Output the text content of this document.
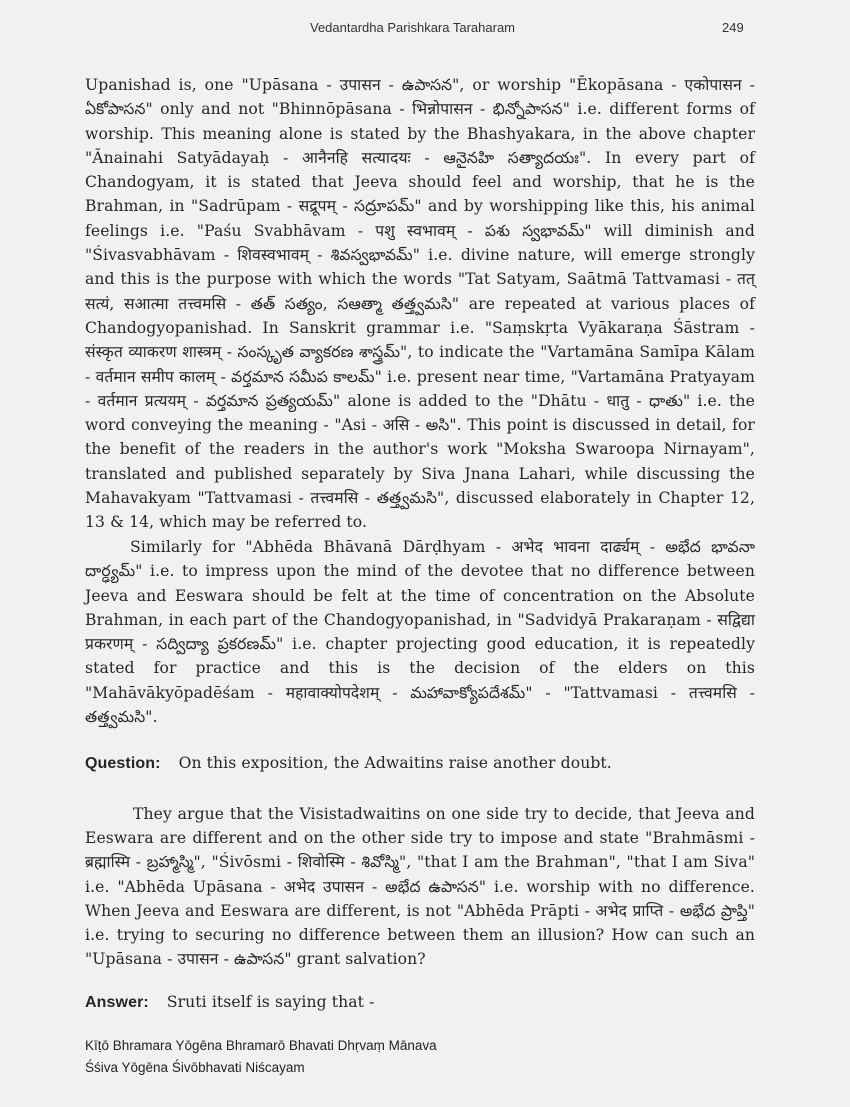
Vedantardha Parishkara Taraharam	249

Upanishad is, one "Upāsana - उपासन - ఉపాసన", or worship "Ēkopāsana - एकोपासन - ఏకోపాసన" only and not "Bhinnōpāsana - भिन्नोपासन - భిన్నోపాసన" i.e. different forms of worship. This meaning alone is stated by the Bhashyakara, in the above chapter "Ānainahi Satyādayaḥ - आनैनहि सत्यादयः - ఆనైనహి సత్యాదయః". In every part of Chandogyam, it is stated that Jeeva should feel and worship, that he is the Brahman, in "Sadrūpam - सद्रूपम् - సద్రూపమ్" and by worshipping like this, his animal feelings i.e. "Paśu Svabhāvam - पशु स्वभावम् - పశు స్వభావమ్" will diminish and "Śivasvabhāvam - शिवस्वभावम् - శివస్వభావమ్" i.e. divine nature, will emerge strongly and this is the purpose with which the words "Tat Satyam, Saātmā Tattvamasi - तत् सत्यं, सआत्मा तत्त्वमसि - తత్ సత్యం, సఆత్మా తత్త్వమసి" are repeated at various places of Chandogyopanishad. In Sanskrit grammar i.e. "Saṃskṛta Vyākaraṇa Śāstram - संस्कृत व्याकरण शास्त्रम् - సంస్కృత వ్యాకరణ శాస్త్రమ్", to indicate the "Vartamāna Samīpa Kālam - वर्तमान समीप कालम् - వర్తమాన సమీప కాలమ్" i.e. present near time, "Vartamāna Pratyayam - वर्तमान प्रत्ययम् - వర్తమాన ప్రత్యయమ్" alone is added to the "Dhātu - धातु - ధాతు" i.e. the word conveying the meaning - "Asi - असि - అసి". This point is discussed in detail, for the benefit of the readers in the author's work "Moksha Swaroopa Nirnayam", translated and published separately by Siva Jnana Lahari, while discussing the Mahavakyam "Tattvamasi - तत्त्वमसि - తత్త్వమసి", discussed elaborately in Chapter 12, 13 & 14, which may be referred to.

Similarly for "Abhēda Bhāvanā Dārḍhyam - अभेद भावना दार्ढ्यम् - అభేద భావనా దార్ఢ్యమ్" i.e. to impress upon the mind of the devotee that no difference between Jeeva and Eeswara should be felt at the time of concentration on the Absolute Brahman, in each part of the Chandogyopanishad, in "Sadvidyā Prakaraṇam - सद्विद्या प्रकरणम् - సద్విద్యా ప్రకరణమ్" i.e. chapter projecting good education, it is repeatedly stated for practice and this is the decision of the elders on this "Mahāvākyōpadēśam - महावाक्योपदेशम् - మహావాక్యోపదేశమ్" - "Tattvamasi - तत्त्वमसि - తత్త్వమసి".

Question: On this exposition, the Adwaitins raise another doubt.

They argue that the Visistadwaitins on one side try to decide, that Jeeva and Eeswara are different and on the other side try to impose and state "Brahmāsmi - ब्रह्मास्मि - బ్రహ్మాస్మి", "Śivōsmi - शिवोस्मि - శివోస్మి", "that I am the Brahman", "that I am Siva" i.e. "Abhēda Upāsana - अभेद उपासन - అభేద ఉపాసన" i.e. worship with no difference. When Jeeva and Eeswara are different, is not "Abhēda Prāpti - अभेद प्राप्ति - అభేద ప్రాప్తి" i.e. trying to securing no difference between them an illusion? How can such an "Upāsana - उपासन - ఉపాసన" grant salvation?

Answer: Sruti itself is saying that -

Kīṭō Bhramara Yōgēna Bhramarō Bhavati Dhṛvaṃ Mānava
Śśiva Yōgēna Śivōbhavati Niścayam
